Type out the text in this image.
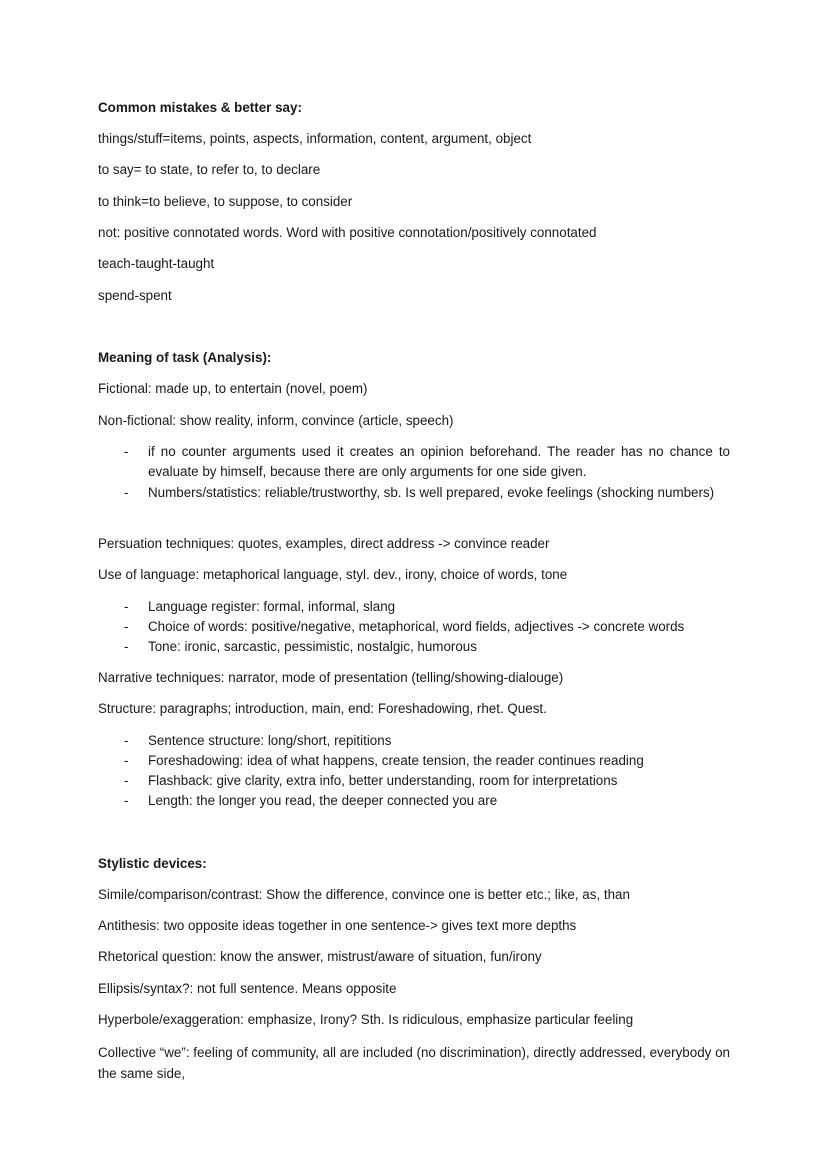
Common mistakes & better say:
things/stuff=items, points, aspects, information, content, argument, object
to say= to state, to refer to, to declare
to think=to believe, to suppose, to consider
not: positive connotated words. Word with positive connotation/positively connotated
teach-taught-taught
spend-spent
Meaning of task (Analysis):
Fictional: made up, to entertain (novel, poem)
Non-fictional: show reality, inform, convince (article, speech)
- if no counter arguments used it creates an opinion beforehand. The reader has no chance to evaluate by himself, because there are only arguments for one side given.
- Numbers/statistics: reliable/trustworthy, sb. Is well prepared, evoke feelings (shocking numbers)
Persuation techniques: quotes, examples, direct address -> convince reader
Use of language: metaphorical language, styl. dev., irony, choice of words, tone
- Language register: formal, informal, slang
- Choice of words: positive/negative, metaphorical, word fields, adjectives -> concrete words
- Tone: ironic, sarcastic, pessimistic, nostalgic, humorous
Narrative techniques: narrator, mode of presentation (telling/showing-dialouge)
Structure: paragraphs; introduction, main, end: Foreshadowing, rhet. Quest.
- Sentence structure: long/short, repititions
- Foreshadowing: idea of what happens, create tension, the reader continues reading
- Flashback: give clarity, extra info, better understanding, room for interpretations
- Length: the longer you read, the deeper connected you are
Stylistic devices:
Simile/comparison/contrast: Show the difference, convince one is better etc.; like, as, than
Antithesis: two opposite ideas together in one sentence-> gives text more depths
Rhetorical question: know the answer, mistrust/aware of situation, fun/irony
Ellipsis/syntax?: not full sentence. Means opposite
Hyperbole/exaggeration: emphasize, Irony? Sth. Is ridiculous, emphasize particular feeling
Collective “we”: feeling of community, all are included (no discrimination), directly addressed, everybody on the same side,
